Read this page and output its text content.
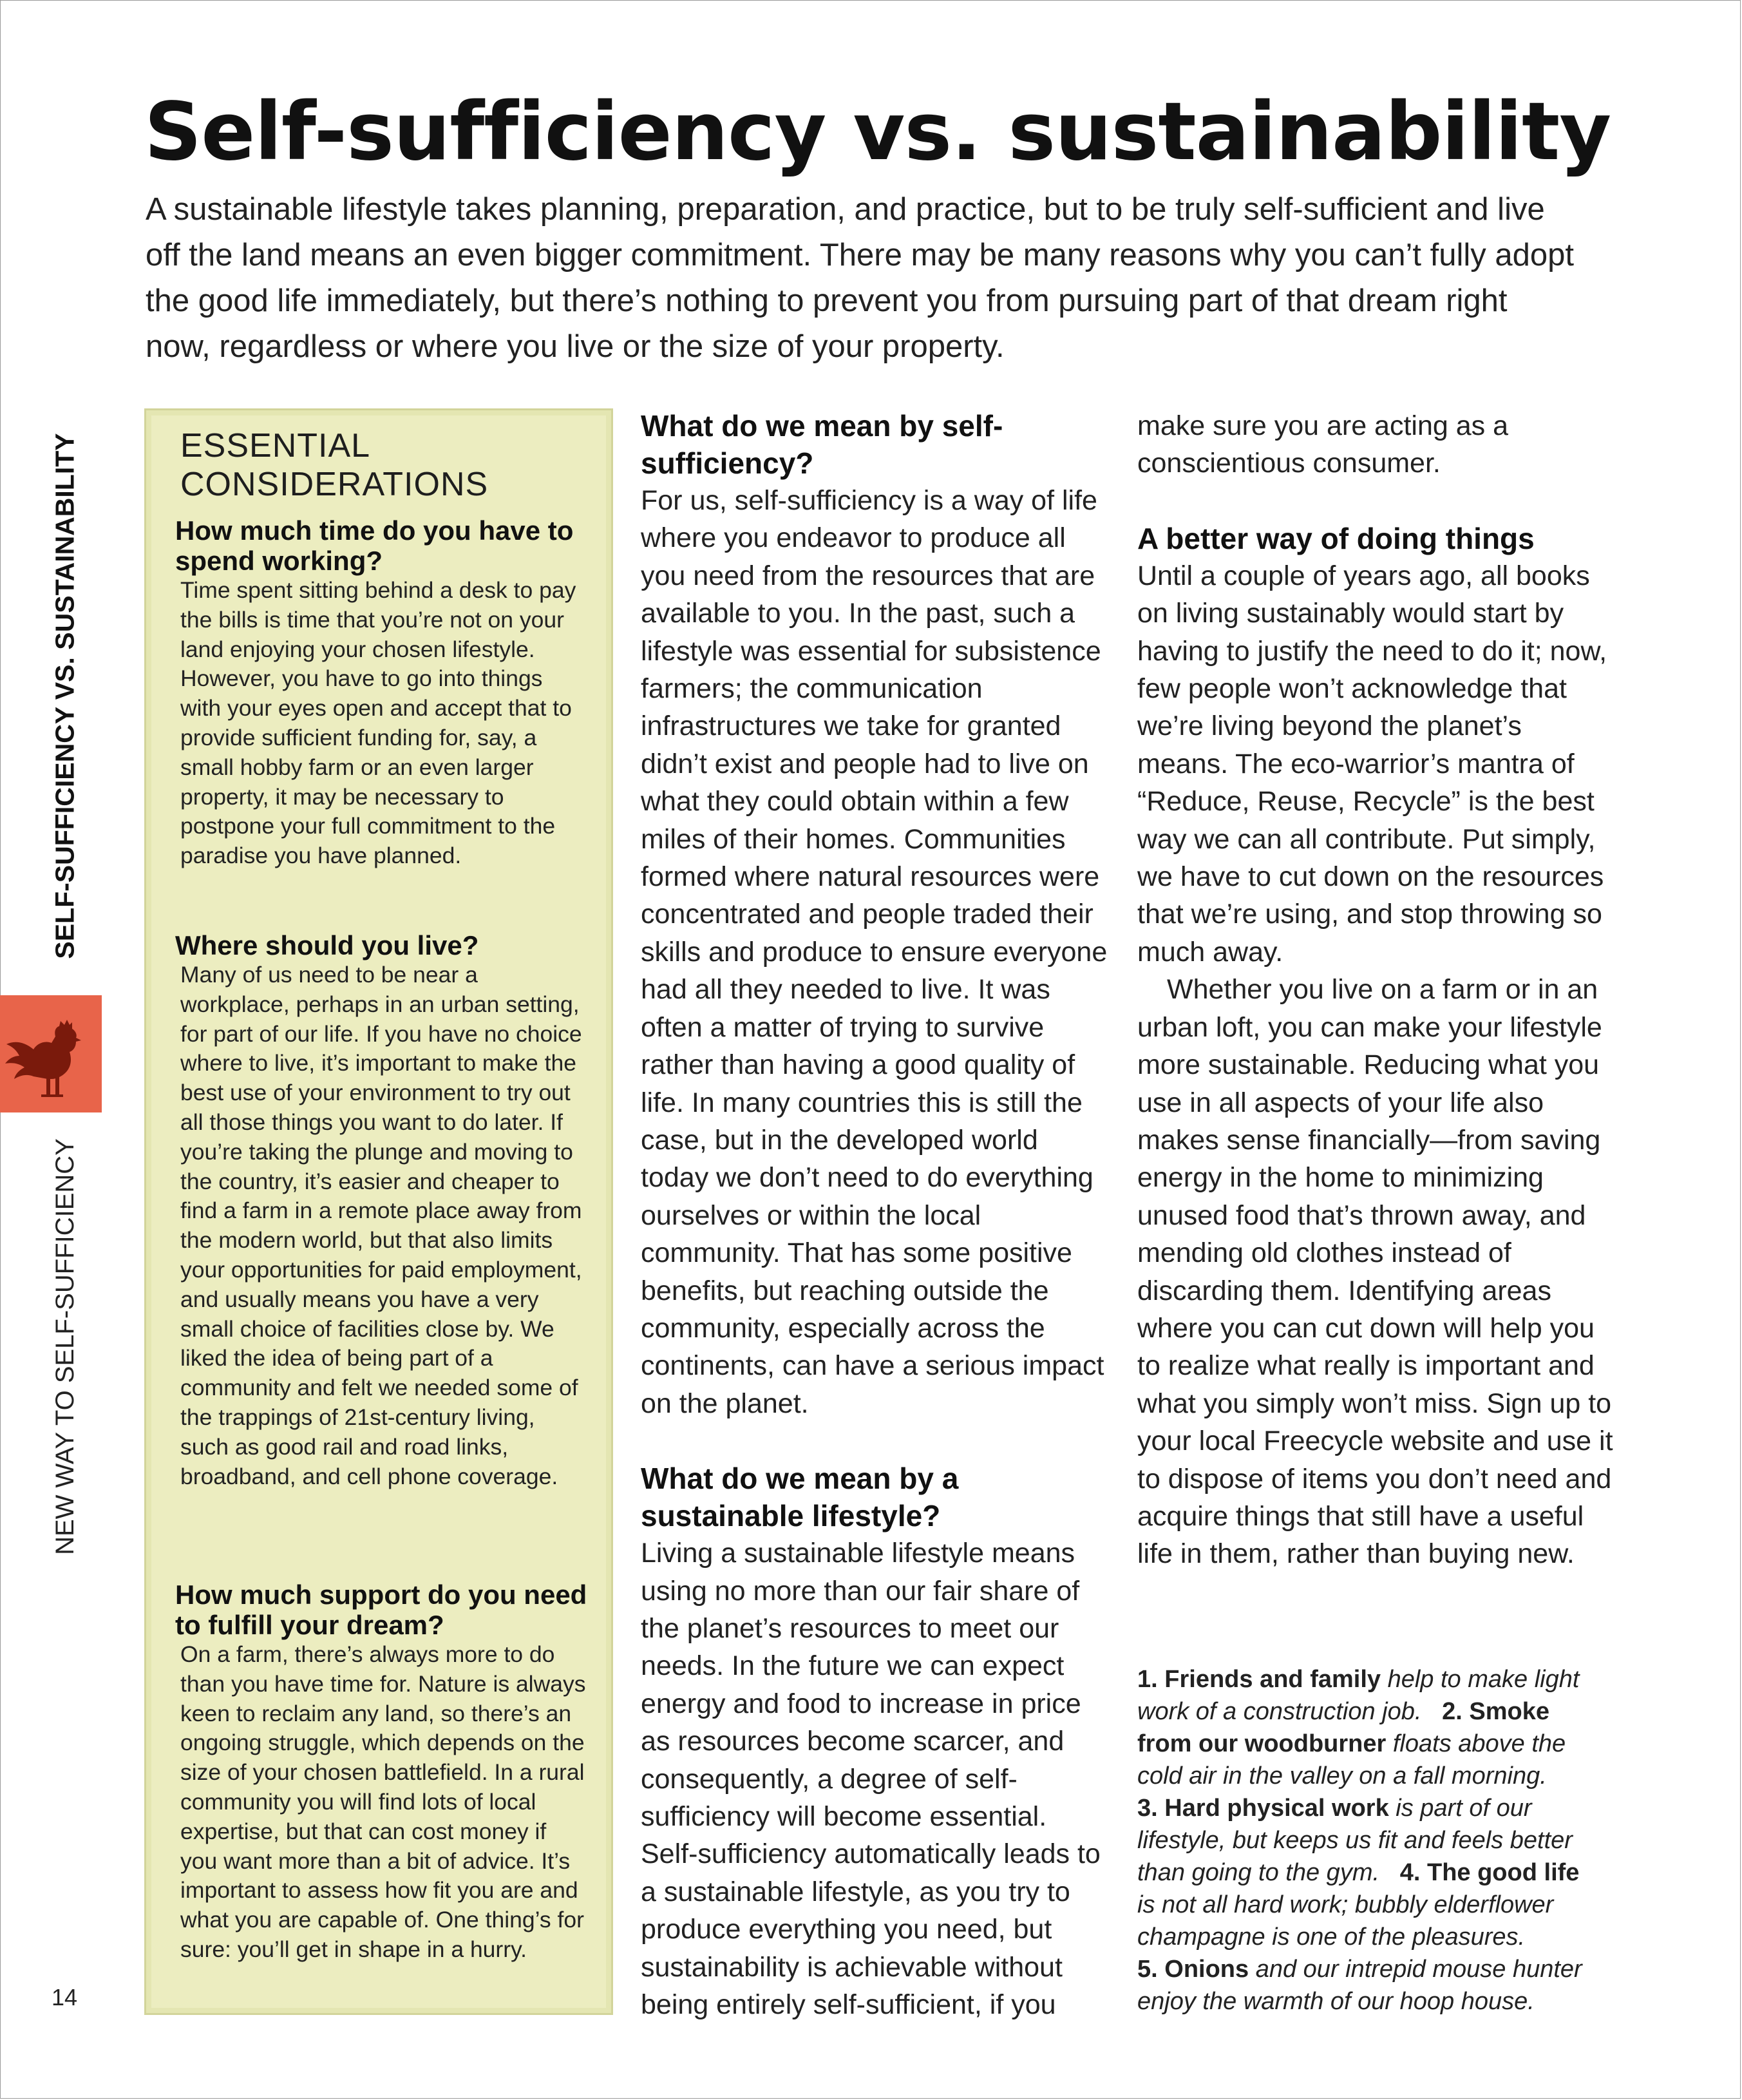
Self-sufficiency vs. sustainability

A sustainable lifestyle takes planning, preparation, and practice, but to be truly self-sufficient and live off the land means an even bigger commitment. There may be many reasons why you can’t fully adopt the good life immediately, but there’s nothing to prevent you from pursuing part of that dream right now, regardless or where you live or the size of your property.

SELF-SUFFICIENCY VS. SUSTAINABILITY
NEW WAY TO SELF-SUFFICIENCY
14
ESSENTIAL CONSIDERATIONS
How much time do you have to spend working?

Time spent sitting behind a desk to pay the bills is time that you’re not on your land enjoying your chosen lifestyle. However, you have to go into things with your eyes open and accept that to provide sufficient funding for, say, a small hobby farm or an even larger property, it may be necessary to postpone your full commitment to the paradise you have planned.

Where should you live?

Many of us need to be near a workplace, perhaps in an urban setting, for part of our life. If you have no choice where to live, it’s important to make the best use of your environment to try out all those things you want to do later. If you’re taking the plunge and moving to the country, it’s easier and cheaper to find a farm in a remote place away from the modern world, but that also limits your opportunities for paid employment, and usually means you have a very small choice of facilities close by. We liked the idea of being part of a community and felt we needed some of the trappings of 21st-century living, such as good rail and road links, broadband, and cell phone coverage.

How much support do you need to fulfill your dream?

On a farm, there’s always more to do than you have time for. Nature is always keen to reclaim any land, so there’s an ongoing struggle, which depends on the size of your chosen battlefield. In a rural community you will find lots of local expertise, but that can cost money if you want more than a bit of advice. It’s important to assess how fit you are and what you are capable of. One thing’s for sure: you’ll get in shape in a hurry.

What do we mean by self-sufficiency?

For us, self-sufficiency is a way of life where you endeavor to produce all you need from the resources that are available to you. In the past, such a lifestyle was essential for subsistence farmers; the communication infrastructures we take for granted didn’t exist and people had to live on what they could obtain within a few miles of their homes. Communities formed where natural resources were concentrated and people traded their skills and produce to ensure everyone had all they needed to live. It was often a matter of trying to survive rather than having a good quality of life. In many countries this is still the case, but in the developed world today we don’t need to do everything ourselves or within the local community. That has some positive benefits, but reaching outside the community, especially across the continents, can have a serious impact on the planet.

What do we mean by a sustainable lifestyle?

Living a sustainable lifestyle means using no more than our fair share of the planet’s resources to meet our needs. In the future we can expect energy and food to increase in price as resources become scarcer, and consequently, a degree of self-sufficiency will become essential. Self-sufficiency automatically leads to a sustainable lifestyle, as you try to produce everything you need, but sustainability is achievable without being entirely self-sufficient, if you

make sure you are acting as a conscientious consumer.

A better way of doing things

Until a couple of years ago, all books on living sustainably would start by having to justify the need to do it; now, few people won’t acknowledge that we’re living beyond the planet’s means. The eco-warrior’s mantra of “Reduce, Reuse, Recycle” is the best way we can all contribute. Put simply, we have to cut down on the resources that we’re using, and stop throwing so much away.

Whether you live on a farm or in an urban loft, you can make your lifestyle more sustainable. Reducing what you use in all aspects of your life also makes sense financially—from saving energy in the home to minimizing unused food that’s thrown away, and mending old clothes instead of discarding them. Identifying areas where you can cut down will help you to realize what really is important and what you simply won’t miss. Sign up to your local Freecycle website and use it to dispose of items you don’t need and acquire things that still have a useful life in them, rather than buying new.

1. Friends and family help to make light work of a construction job. 2. Smoke from our woodburner floats above the cold air in the valley on a fall morning.
3. Hard physical work is part of our lifestyle, but keeps us fit and feels better than going to the gym. 4. The good life is not all hard work; bubbly elderflower champagne is one of the pleasures.
5. Onions and our intrepid mouse hunter enjoy the warmth of our hoop house.
